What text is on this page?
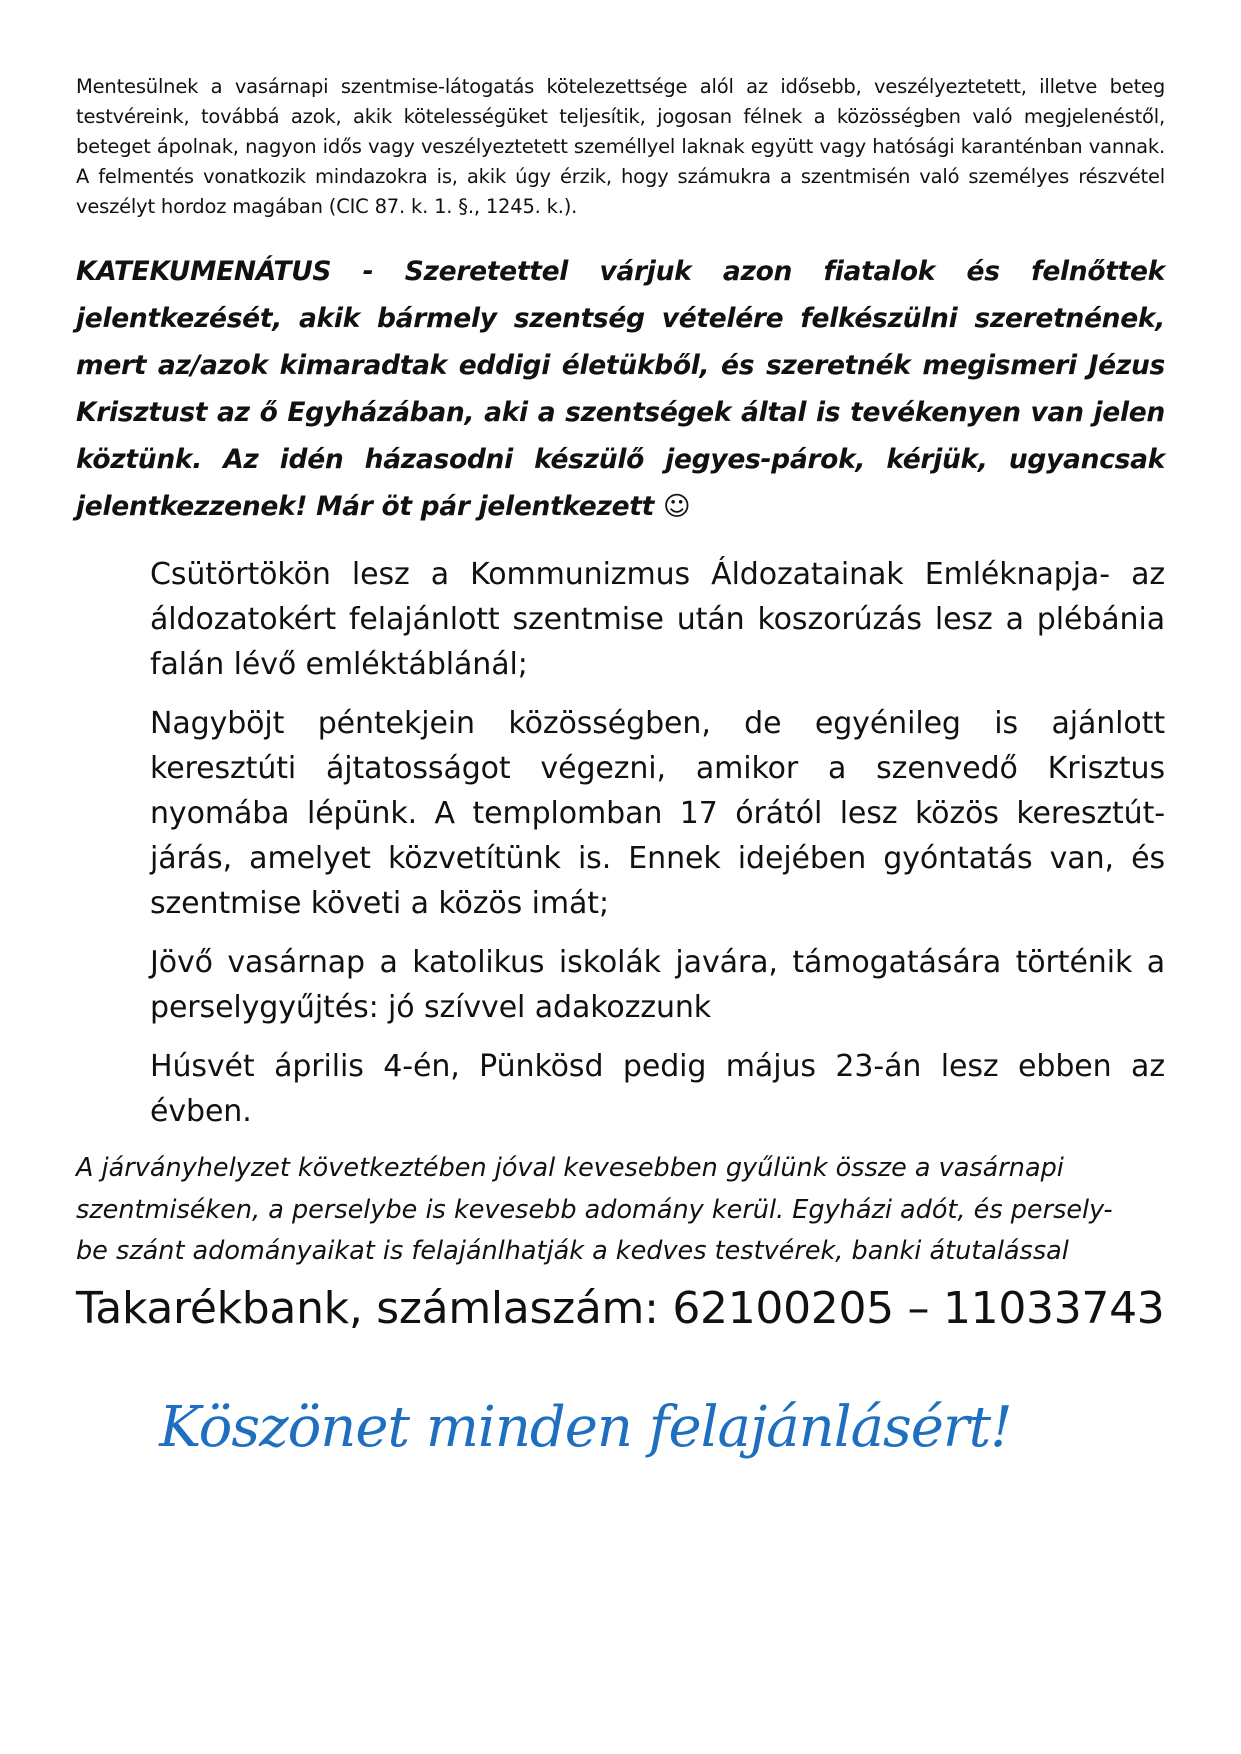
Mentesülnek a vasárnapi szentmise-látogatás kötelezettsége alól az idősebb, veszélyeztetett, illetve beteg testvéreink, továbbá azok, akik kötelességüket teljesítik, jogosan félnek a közösségben való megjelenéstől, beteget ápolnak, nagyon idős vagy veszélyeztetett személlyel laknak együtt vagy hatósági karanténban vannak. A felmentés vonatkozik mindazokra is, akik úgy érzik, hogy számukra a szentmisén való személyes részvétel veszélyt hordoz magában (CIC 87. k. 1. §., 1245. k.).

KATEKUMENÁTUS - Szeretettel várjuk azon fiatalok és felnőttek jelentkezését, akik bármely szentség vételére felkészülni szeretnének, mert az/azok kimaradtak eddigi életükből, és szeretnék megismeri Jézus Krisztust az ő Egyházában, aki a szentségek által is tevékenyen van jelen köztünk. Az idén házasodni készülő jegyes-párok, kérjük, ugyancsak jelentkezzenek! Már öt pár jelentkezett ☺

Csütörtökön lesz a Kommunizmus Áldozatainak Emléknapja- az áldozatokért felajánlott szentmise után koszorúzás lesz a plébánia falán lévő emléktáblánál;
Nagyböjt péntekjein közösségben, de egyénileg is ajánlott keresztúti ájtatosságot végezni, amikor a szenvedő Krisztus nyomába lépünk. A templomban 17 órától lesz közös keresztút-járás, amelyet közvetítünk is. Ennek idejében gyóntatás van, és szentmise követi a közös imát;
Jövő vasárnap a katolikus iskolák javára, támogatására történik a perselygyűjtés: jó szívvel adakozzunk
Húsvét április 4-én, Pünkösd pedig május 23-án lesz ebben az évben.

A járványhelyzet következtében jóval kevesebben gyűlünk össze a vasárnapi
szentmiséken, a perselybe is kevesebb adomány kerül. Egyházi adót, és persely-
be szánt adományaikat is felajánlhatják a kedves testvérek, banki átutalással

Takarékbank, számlaszám: 62100205 – 11033743
Köszönet minden felajánlásért!
